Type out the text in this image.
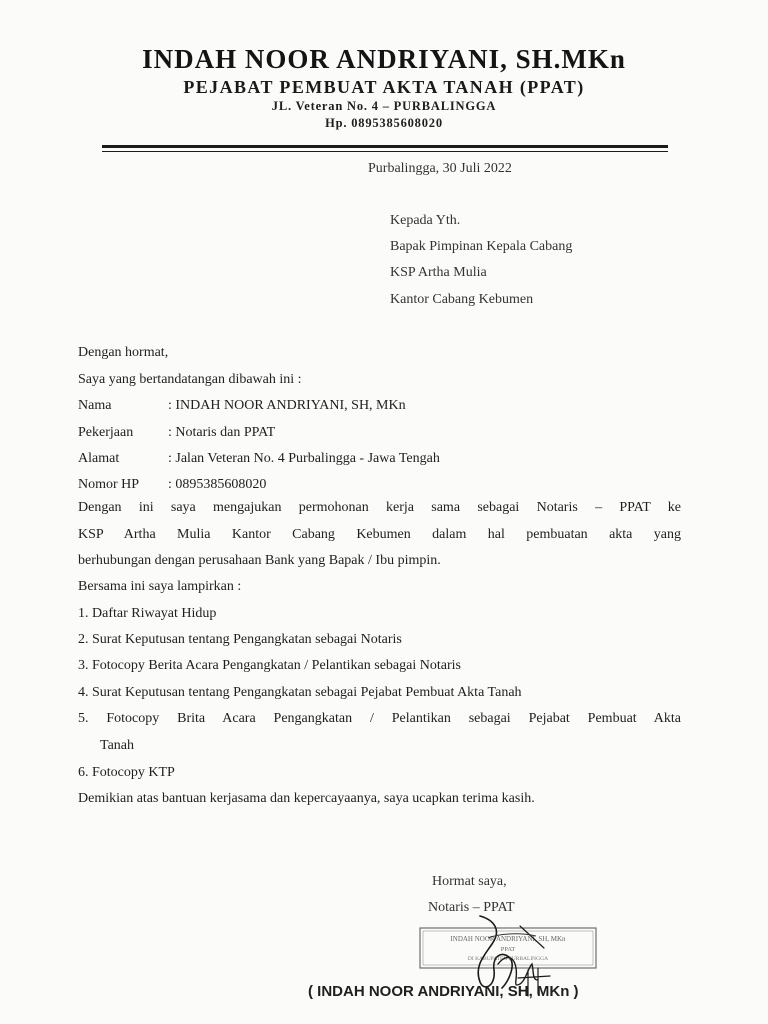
INDAH NOOR ANDRIYANI, SH.MKn
PEJABAT PEMBUAT AKTA TANAH (PPAT)
JL. Veteran No. 4 – PURBALINGGA
Hp. 0895385608020
Purbalingga, 30 Juli 2022
Kepada Yth.
Bapak Pimpinan Kepala Cabang
KSP Artha Mulia
Kantor Cabang Kebumen
Dengan hormat,
Saya yang bertandatangan dibawah ini :
Nama	: INDAH NOOR ANDRIYANI, SH, MKn
Pekerjaan : Notaris dan PPAT
Alamat	: Jalan Veteran No. 4 Purbalingga - Jawa Tengah
Nomor HP : 0895385608020
Dengan ini saya mengajukan permohonan kerja sama sebagai Notaris – PPAT ke
KSP Artha Mulia Kantor Cabang Kebumen dalam hal pembuatan akta yang
berhubungan dengan perusahaan Bank yang Bapak / Ibu pimpin.
Bersama ini saya lampirkan :
1. Daftar Riwayat Hidup
2. Surat Keputusan tentang Pengangkatan sebagai Notaris
3. Fotocopy Berita Acara Pengangkatan / Pelantikan sebagai Notaris
4. Surat Keputusan tentang Pengangkatan sebagai Pejabat Pembuat Akta Tanah
5. Fotocopy Brita Acara Pengangkatan / Pelantikan sebagai Pejabat Pembuat Akta
Tanah
6. Fotocopy KTP
Demikian atas bantuan kerjasama dan kepercayaanya, saya ucapkan terima kasih.
Hormat saya,
Notaris – PPAT
INDAH NOOR ANDRIYANI, SH, MKn
PPAT
DI KABUPATEN PURBALINGGA
( INDAH NOOR ANDRIYANI, SH, MKn )
